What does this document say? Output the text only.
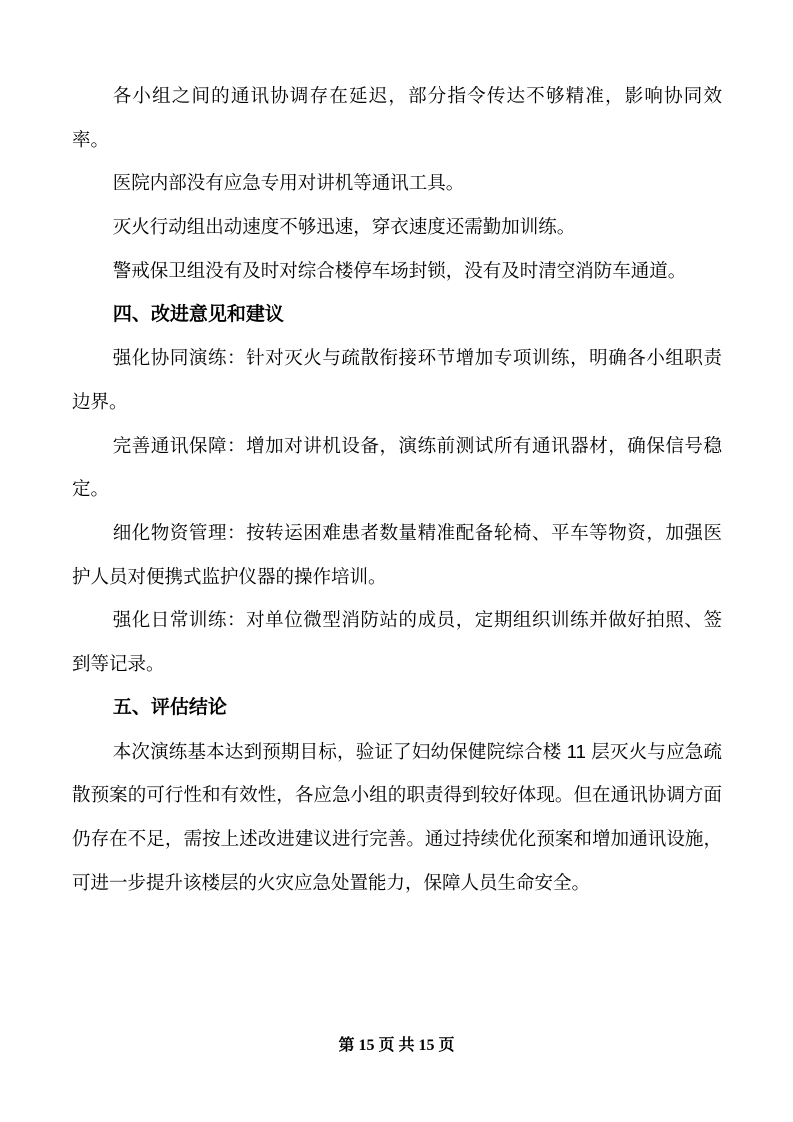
各小组之间的通讯协调存在延迟，部分指令传达不够精准，影响协同效率。

医院内部没有应急专用对讲机等通讯工具。

灭火行动组出动速度不够迅速，穿衣速度还需勤加训练。

警戒保卫组没有及时对综合楼停车场封锁，没有及时清空消防车通道。

四、改进意见和建议

强化协同演练：针对灭火与疏散衔接环节增加专项训练，明确各小组职责边界。

完善通讯保障：增加对讲机设备，演练前测试所有通讯器材，确保信号稳定。

细化物资管理：按转运困难患者数量精准配备轮椅、平车等物资，加强医护人员对便携式监护仪器的操作培训。

强化日常训练：对单位微型消防站的成员，定期组织训练并做好拍照、签到等记录。

五、评估结论

本次演练基本达到预期目标，验证了妇幼保健院综合楼 11 层灭火与应急疏散预案的可行性和有效性，各应急小组的职责得到较好体现。但在通讯协调方面仍存在不足，需按上述改进建议进行完善。通过持续优化预案和增加通讯设施，可进一步提升该楼层的火灾应急处置能力，保障人员生命安全。

第 15 页 共 15 页
